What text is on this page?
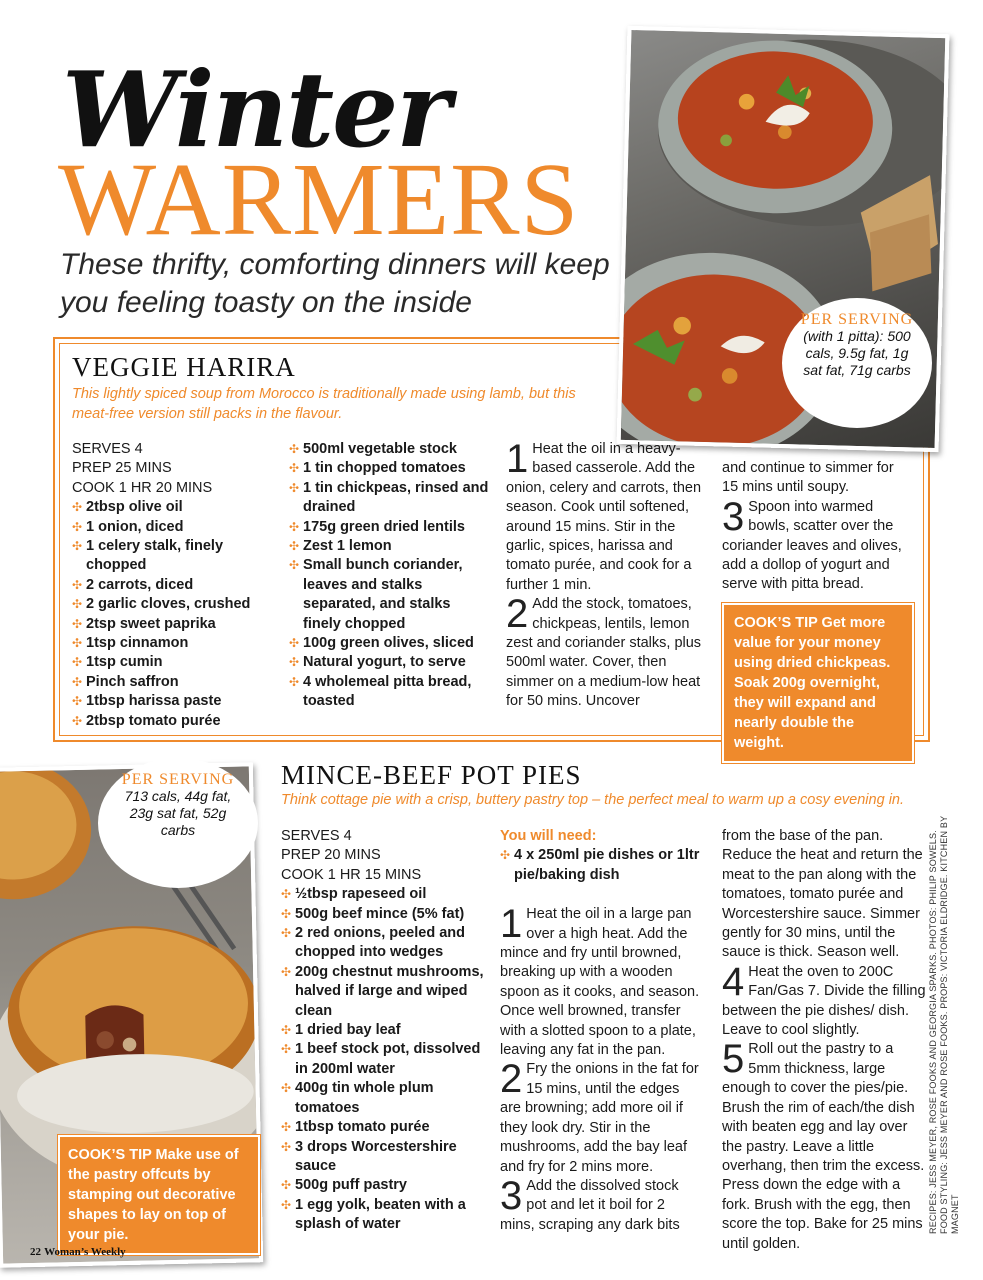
Winter
WARMERS
These thrifty, comforting dinners will keep you feeling toasty on the inside
PER SERVING
(with 1 pitta): 500 cals, 9.5g fat, 1g sat fat, 71g carbs
VEGGIE HARIRA
This lightly spiced soup from Morocco is traditionally made using lamb, but this meat-free version still packs in the flavour.
SERVES 4
PREP 25 MINS
COOK 1 HR 20 MINS
✣ 2tbsp olive oil
✣ 1 onion, diced
✣ 1 celery stalk, finely chopped
✣ 2 carrots, diced
✣ 2 garlic cloves, crushed
✣ 2tsp sweet paprika
✣ 1tsp cinnamon
✣ 1tsp cumin
✣ Pinch saffron
✣ 1tbsp harissa paste
✣ 2tbsp tomato purée
✣ 500ml vegetable stock
✣ 1 tin chopped tomatoes
✣ 1 tin chickpeas, rinsed and drained
✣ 175g green dried lentils
✣ Zest 1 lemon
✣ Small bunch coriander, leaves and stalks separated, and stalks finely chopped
✣ 100g green olives, sliced
✣ Natural yogurt, to serve
✣ 4 wholemeal pitta bread, toasted
1 Heat the oil in a heavy-based casserole. Add the onion, celery and carrots, then season. Cook until softened, around 15 mins. Stir in the garlic, spices, harissa and tomato purée, and cook for a further 1 min.
2 Add the stock, tomatoes, chickpeas, lentils, lemon zest and coriander stalks, plus 500ml water. Cover, then simmer on a medium-low heat for 50 mins. Uncover
and continue to simmer for 15 mins until soupy.
3 Spoon into warmed bowls, scatter over the coriander leaves and olives, add a dollop of yogurt and serve with pitta bread.
COOK’S TIP Get more value for your money using dried chickpeas. Soak 200g overnight, they will expand and nearly double the weight.
PER SERVING
713 cals, 44g fat, 23g sat fat, 52g carbs
COOK’S TIP Make use of the pastry offcuts by stamping out decorative shapes to lay on top of your pie.
MINCE-BEEF POT PIES
Think cottage pie with a crisp, buttery pastry top – the perfect meal to warm up a cosy evening in.
SERVES 4
PREP 20 MINS
COOK 1 HR 15 MINS
✣ ½tbsp rapeseed oil
✣ 500g beef mince (5% fat)
✣ 2 red onions, peeled and chopped into wedges
✣ 200g chestnut mushrooms, halved if large and wiped clean
✣ 1 dried bay leaf
✣ 1 beef stock pot, dissolved in 200ml water
✣ 400g tin whole plum tomatoes
✣ 1tbsp tomato purée
✣ 3 drops Worcestershire sauce
✣ 500g puff pastry
✣ 1 egg yolk, beaten with a splash of water
You will need:
✣ 4 x 250ml pie dishes or 1ltr pie/baking dish
1 Heat the oil in a large pan over a high heat. Add the mince and fry until browned, breaking up with a wooden spoon as it cooks, and season. Once well browned, transfer with a slotted spoon to a plate, leaving any fat in the pan.
2 Fry the onions in the fat for 15 mins, until the edges are browning; add more oil if they look dry. Stir in the mushrooms, add the bay leaf and fry for 2 mins more.
3 Add the dissolved stock pot and let it boil for 2 mins, scraping any dark bits
from the base of the pan. Reduce the heat and return the meat to the pan along with the tomatoes, tomato purée and Worcestershire sauce. Simmer gently for 30 mins, until the sauce is thick. Season well.
4 Heat the oven to 200C Fan/Gas 7. Divide the filling between the pie dishes/ dish. Leave to cool slightly.
5 Roll out the pastry to a 5mm thickness, large enough to cover the pies/pie. Brush the rim of each/the dish with beaten egg and lay over the pastry. Leave a little overhang, then trim the excess. Press down the edge with a fork. Brush with the egg, then score the top. Bake for 25 mins until golden.
RECIPES: JESS MEYER, ROSE FOOKS AND GEORGIA SPARKS. PHOTOS: PHILIP SOWELS. FOOD STYLING: JESS MEYER AND ROSE FOOKS. PROPS: VICTORIA ELDRIDGE. KITCHEN BY MAGNET
22 Woman’s Weekly
